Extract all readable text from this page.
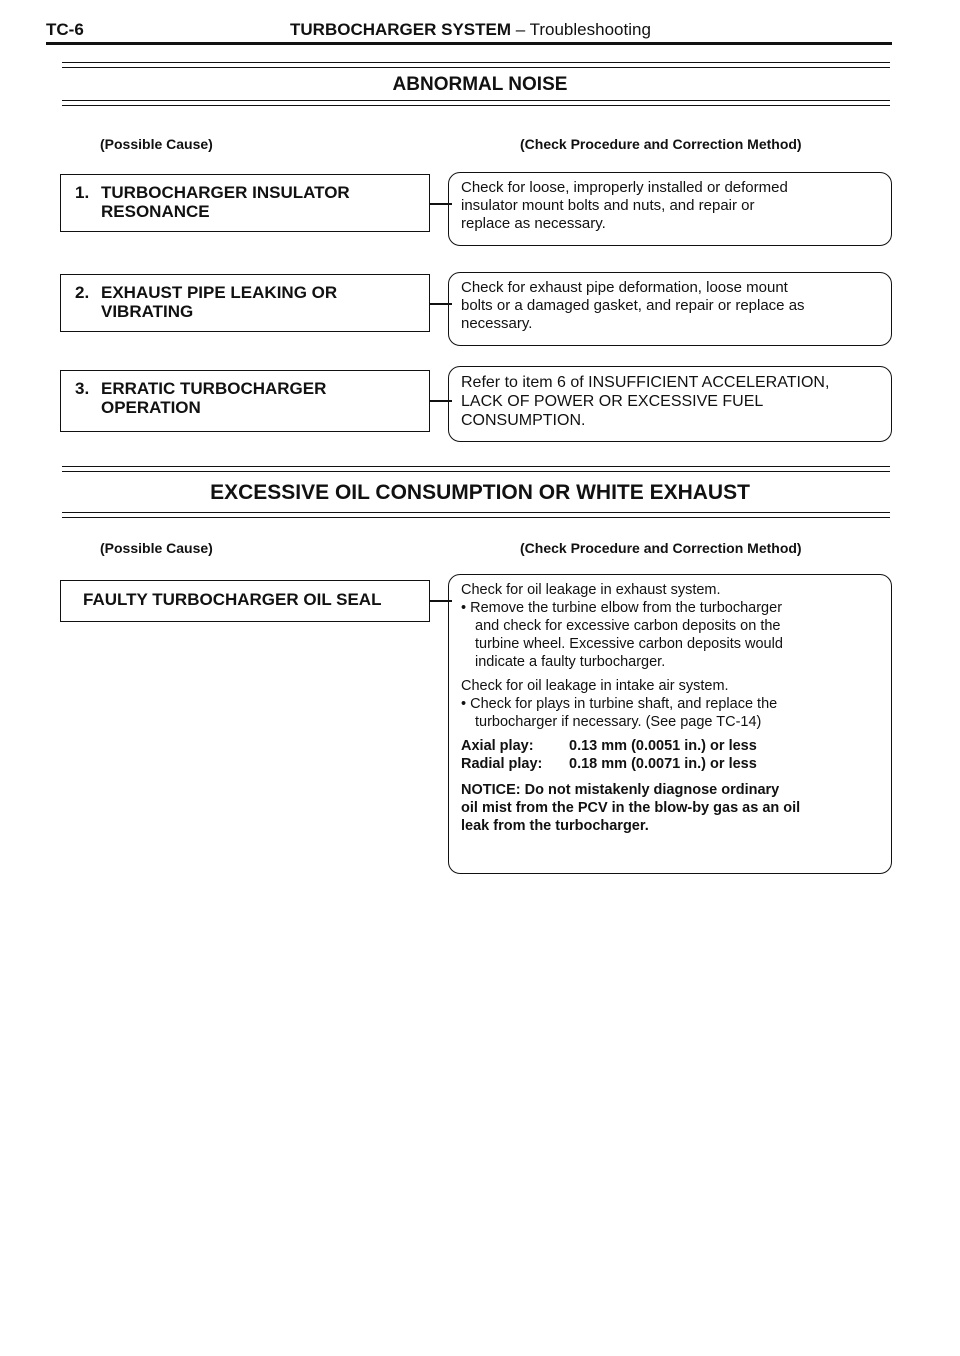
TC-6	TURBOCHARGER SYSTEM – Troubleshooting
ABNORMAL NOISE
(Possible Cause)	(Check Procedure and Correction Method)
1. TURBOCHARGER INSULATOR
RESONANCE
Check for loose, improperly installed or deformed
insulator mount bolts and nuts, and repair or
replace as necessary.
2. EXHAUST PIPE LEAKING OR
VIBRATING
Check for exhaust pipe deformation, loose mount
bolts or a damaged gasket, and repair or replace as
necessary.
3. ERRATIC TURBOCHARGER
OPERATION
Refer to item 6 of INSUFFICIENT ACCELERATION,
LACK OF POWER OR EXCESSIVE FUEL
CONSUMPTION.
EXCESSIVE OIL CONSUMPTION OR WHITE EXHAUST
(Possible Cause)	(Check Procedure and Correction Method)
FAULTY TURBOCHARGER OIL SEAL	Check for oil leakage in exhaust system.
• Remove the turbine elbow from the turbocharger
and check for excessive carbon deposits on the
turbine wheel. Excessive carbon deposits would
indicate a faulty turbocharger.
Check for oil leakage in intake air system.
• Check for plays in turbine shaft, and replace the
turbocharger if necessary. (See page TC-14)
Axial play:	0.13 mm (0.0051 in.) or less
Radial play:	0.18 mm (0.0071 in.) or less
NOTICE: Do not mistakenly diagnose ordinary
oil mist from the PCV in the blow-by gas as an oil
leak from the turbocharger.
